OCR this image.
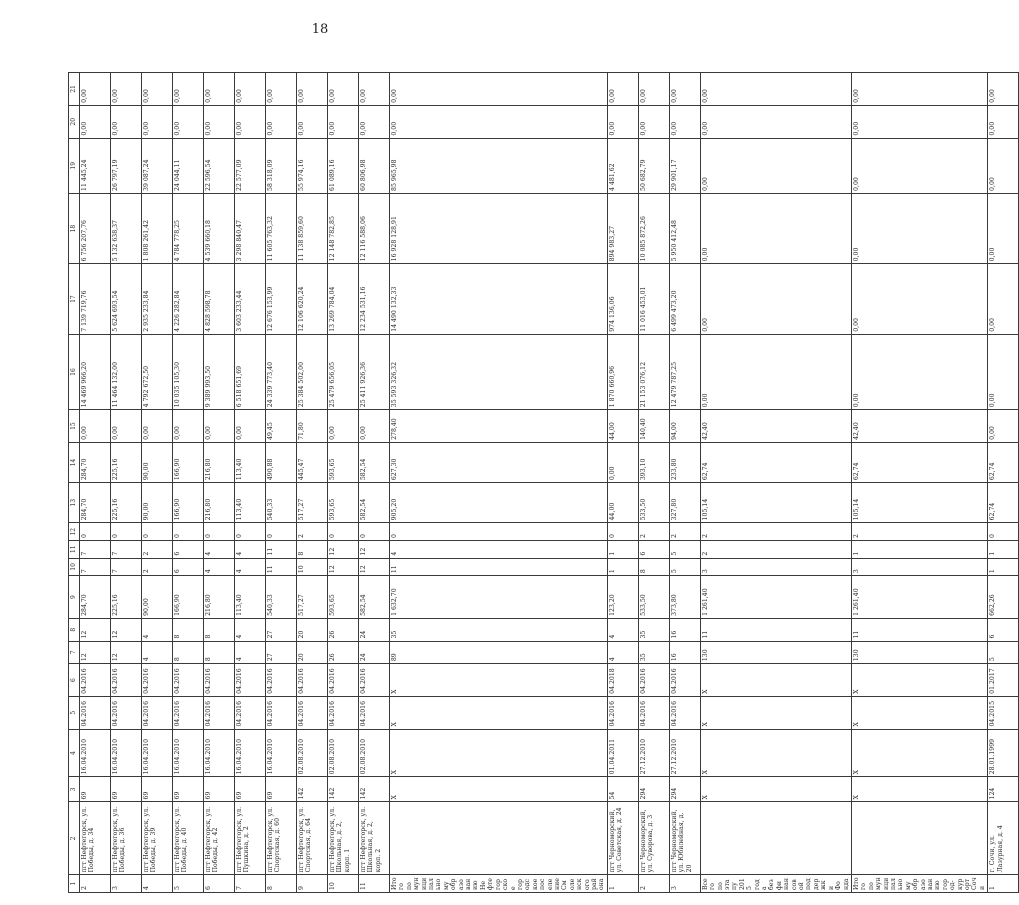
18
1	2	3	4	5	6	7	8	9	10	11	12	13	14	15	16	17	18	19	20	21
2	пгт Нефтегорск, ул. Победы, д. 34	69	16.04.2010	04.2016	04.2016	12	12	284,70	7	7	0	284,70	284,70	0,00	14 469 966,20	7 139 719,76	6 756 207,76	11 445,24	0,00	0,00
3	пгт Нефтегорск, ул. Победы, д. 36	69	16.04.2010	04.2016	04.2016	12	12	225,16	7	7	0	225,16	225,16	0,00	11 464 132,00	5 624 693,54	5 132 638,37	26 797,19	0,00	0,00
4	пгт Нефтегорск, ул. Победы, д. 39	69	16.04.2010	04.2016	04.2016	4	4	90,00	2	2	0	90,00	90,00	0,00	4 792 672,50	2 935 233,84	1 808 261,42	39 087,24	0,00	0,00
5	пгт Нефтегорск, ул. Победы, д. 40	69	16.04.2010	04.2016	04.2016	8	8	166,90	6	6	0	166,90	166,90	0,00	10 035 105,30	4 226 282,84	4 784 778,25	24 044,11	0,00	0,00
6	пгт Нефтегорск, ул. Победы, д. 42	69	16.04.2010	04.2016	04.2016	8	8	216,80	4	4	0	216,80	216,80	0,00	9 389 993,50	4 828 598,78	4 539 660,18	22 596,54	0,00	0,00
7	пгт Нефтегорск, ул. Пушкина, д. 2	69	16.04.2010	04.2016	04.2016	4	4	113,40	4	4	0	113,40	113,40	0,00	6 518 651,69	3 603 233,44	3 298 840,47	22 577,09	0,00	0,00
8	пгт Нефтегорск, ул. Спортская, д. 60	69	16.04.2010	04.2016	04.2016	27	27	540,33	11	11	0	540,33	490,88	49,45	24 339 773,40	12 676 153,99	11 605 763,32	58 318,09	0,00	0,00
9	пгт Нефтегорск, ул. Спортская, д. 64	142	02.08.2010	04.2016	04.2016	20	20	517,27	10	8	2	517,27	445,47	71,80	25 384 502,00	12 106 620,24	11 138 859,60	55 974,16	0,00	0,00
10	пгт Нефтегорск, ул. Школьная, д. 2, корп. 1	142	02.08.2010	04.2016	04.2016	26	26	593,65	12	12	0	593,65	593,65	0,00	25 479 656,05	13 269 784,04	12 148 782,85	61 089,16	0,00	0,00
11	пгт Нефтегорск, ул. Школьная, д. 2, корп. 2	142	02.08.2010	04.2016	04.2016	24	24	582,54	12	12	0	582,54	582,54	0,00	25 411 926,36	12 234 531,16	12 116 588,06	60 806,98	0,00	0,00
Итого по муниципальному образованию Нефтегорское городское поселение Смоленского района		X	X	X	X	89	35	1 632,70	11	4	0	905,20	627,30	278,40	35 593 326,32	14 490 132,33	16 928 128,91	85 965,98	0,00	0,00
1	пгт Черноморский, ул. Советская, д. 24	54	01.04.2011	04.2016	04.2018	4	4	123,20	1	1	0	44,00	0,00	44,00	1 870 660,96	974 136,06	894 983,27	4 481,62	0,00	0,00
2	пгт Черноморский, ул. Суворова, д. 3	294	27.12.2010	04.2016	04.2016	35	35	533,50	8	6	2	533,50	393,10	140,40	21 153 076,12	11 016 453,01	10 085 872,26	50 682,79	0,00	0,00
3	пгт Черноморский, ул. Юбилейная, д. 20	294	27.12.2010	04.2016	04.2016	16	16	373,80	5	5	2	327,80	233,80	94,00	12 479 787,25	6 499 473,20	5 950 412,48	29 901,17	0,00	0,00
Всего по этапу 2015 года без финансовой поддержки Фонда		X	X	X	X	130	11	1 261,40	3	2	2	105,14	62,74	42,40	0,00	0,00	0,00	0,00	0,00	0,00
Итого по муниципальному образованию город-курорт Сочи		X	X	X	X	130	11	1 261,40	3	1	2	105,14	62,74	42,40	0,00	0,00	0,00	0,00	0,00	0,00
1	г. Сочи, ул. Лазурная, д. 4	124	28.01.1999	04.2015	01.2017	5	6	662,26	1	1	0	62,74	62,74	0,00	0,00	0,00	0,00	0,00	0,00	0,00
